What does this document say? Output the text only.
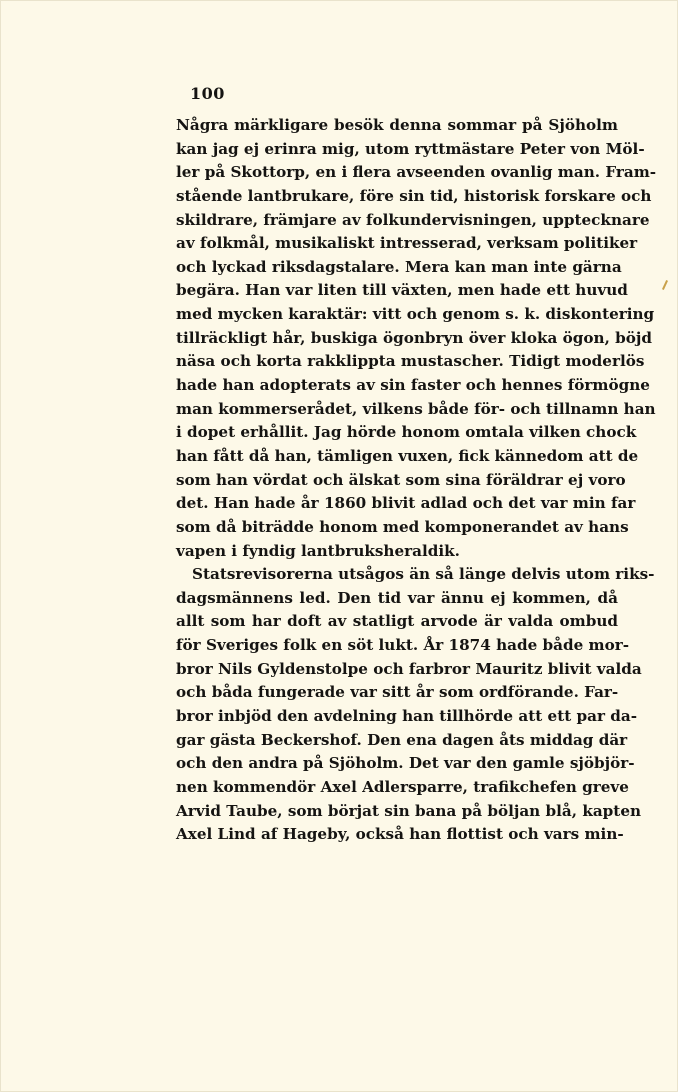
100
Några märkligare besök denna sommar på Sjöholm
kan jag ej erinra mig, utom ryttmästare Peter von Möl-
ler på Skottorp, en i flera avseenden ovanlig man. Fram-
stående lantbrukare, före sin tid, historisk forskare och
skildrare, främjare av folkundervisningen, upptecknare
av folkmål, musikaliskt intresserad, verksam politiker
och lyckad riksdagstalare. Mera kan man inte gärna
begära. Han var liten till växten, men hade ett huvud
med mycken karaktär: vitt och genom s. k. diskontering
tillräckligt hår, buskiga ögonbryn över kloka ögon, böjd
näsa och korta rakklippta mustascher. Tidigt moderlös
hade han adopterats av sin faster och hennes förmögne
man kommerserådet, vilkens både för- och tillnamn han
i dopet erhållit. Jag hörde honom omtala vilken chock
han fått då han, tämligen vuxen, fick kännedom att de
som han vördat och älskat som sina föräldrar ej voro
det. Han hade år 1860 blivit adlad och det var min far
som då biträdde honom med komponerandet av hans
vapen i fyndig lantbruksheraldik.
Statsrevisorerna utsågos än så länge delvis utom riks-
dagsmännens led. Den tid var ännu ej kommen, då
allt som har doft av statligt arvode är valda ombud
för Sveriges folk en söt lukt. År 1874 hade både mor-
bror Nils Gyldenstolpe och farbror Mauritz blivit valda
och båda fungerade var sitt år som ordförande. Far-
bror inbjöd den avdelning han tillhörde att ett par da-
gar gästa Beckershof. Den ena dagen åts middag där
och den andra på Sjöholm. Det var den gamle sjöbjör-
nen kommendör Axel Adlersparre, trafikchefen greve
Arvid Taube, som börjat sin bana på böljan blå, kapten
Axel Lind af Hageby, också han flottist och vars min-
